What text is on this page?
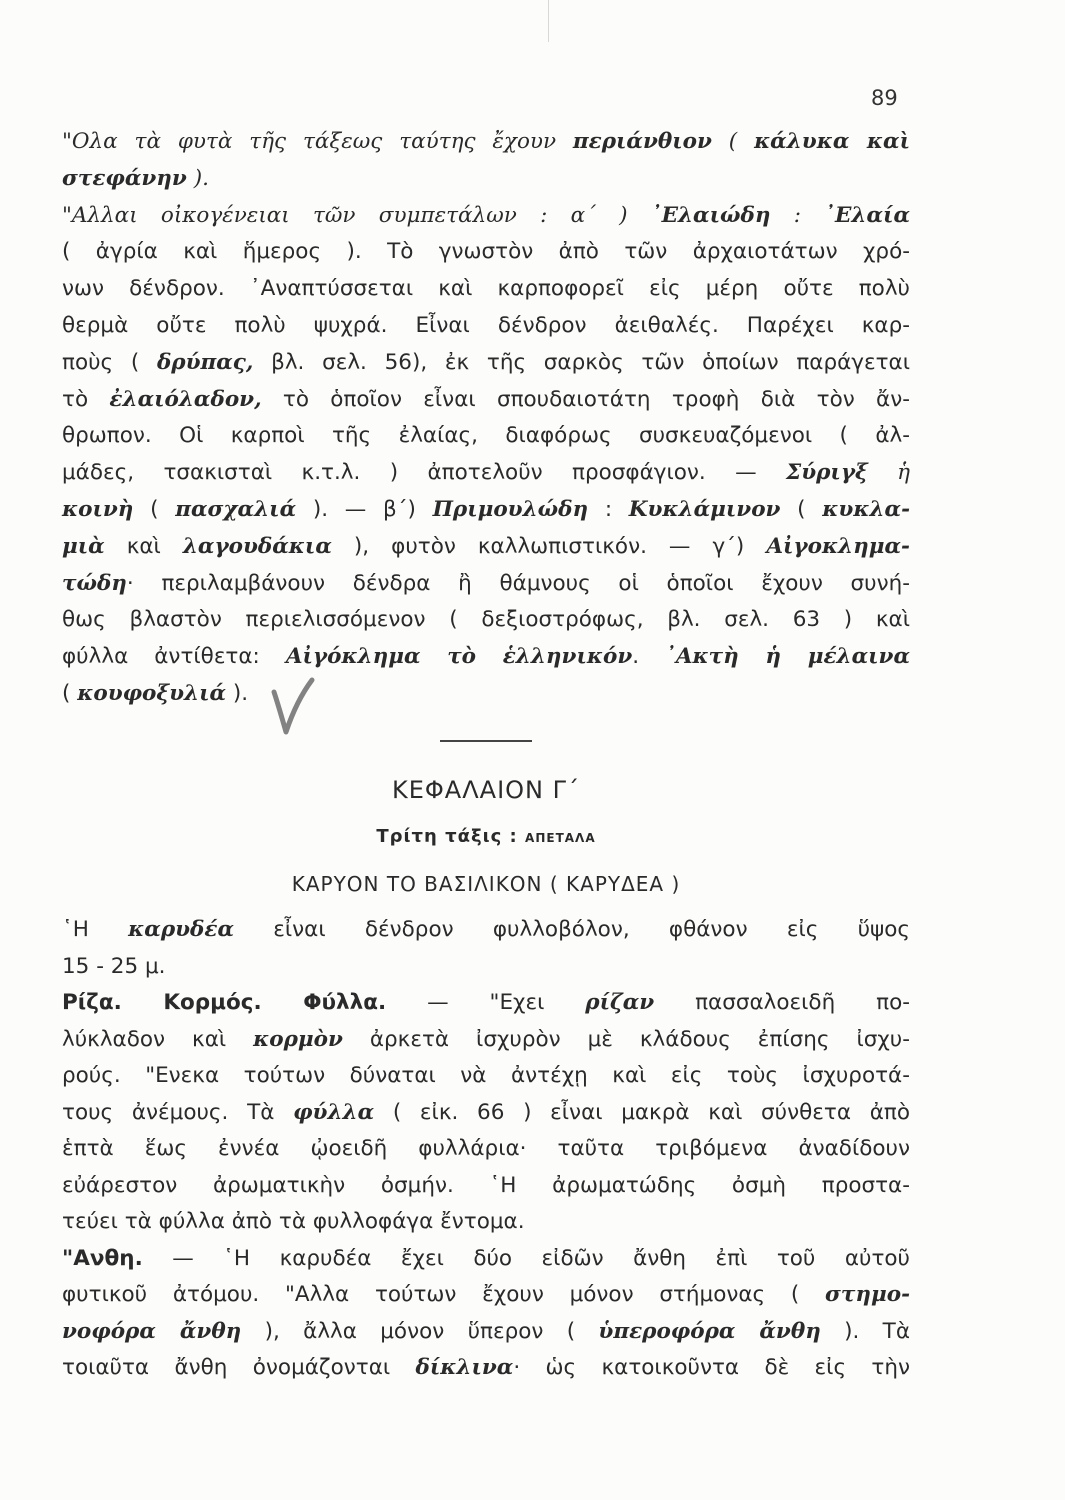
89
"Ολα τὰ φυτὰ τῆς τάξεως ταύτης ἔχουν περιάνθιον ( κάλυκα καὶ
στεφάνην ).
"Αλλαι οἰκογένειαι τῶν συμπετάλων : α΄ ) ᾿Ελαιώδη : ᾿Ελαία
( ἀγρία καὶ ἥμερος ). Τὸ γνωστὸν ἀπὸ τῶν ἀρχαιοτάτων χρό-
νων δένδρον. ᾿Αναπτύσσεται καὶ καρποφορεῖ εἰς μέρη οὔτε πολὺ
θερμὰ οὔτε πολὺ ψυχρά. Εἶναι δένδρον ἀειθαλές. Παρέχει καρ-
ποὺς ( δρύπας, βλ. σελ. 56), ἐκ τῆς σαρκὸς τῶν ὁποίων παράγεται
τὸ ἐλαιόλαδον, τὸ ὁποῖον εἶναι σπουδαιοτάτη τροφὴ διὰ τὸν ἄν-
θρωπον. Οἱ καρποὶ τῆς ἐλαίας, διαφόρως συσκευαζόμενοι ( ἀλ-
μάδες, τσακισταὶ κ.τ.λ. ) ἀποτελοῦν προσφάγιον. — Σύριγξ ἡ
κοινὴ ( πασχαλιά ). — β΄) Πριμουλώδη : Κυκλάμινον ( κυκλα-
μιὰ καὶ λαγουδάκια ), φυτὸν καλλωπιστικόν. — γ΄) Αἰγοκλημα-
τώδη· περιλαμβάνουν δένδρα ἢ θάμνους οἱ ὁποῖοι ἔχουν συνή-
θως βλαστὸν περιελισσόμενον ( δεξιοστρόφως, βλ. σελ. 63 ) καὶ
φύλλα ἀντίθετα: Αἰγόκλημα τὸ ἑλληνικόν. ᾿Ακτὴ ἡ μέλαινα
( κουφοξυλιά ).
ΚΕΦΑΛΑΙΟΝ Γ΄
Τρίτη τάξις : ΑΠΕΤΑΛΑ
ΚΑΡΥΟΝ ΤΟ ΒΑΣΙΛΙΚΟΝ ( ΚΑΡΥΔΕΑ )
῾Η καρυδέα εἶναι δένδρον φυλλοβόλον, φθάνον εἰς ὕψος
15 - 25 μ.
Ρίζα. Κορμός. Φύλλα. — "Εχει ρίζαν πασσαλοειδῆ πο-
λύκλαδον καὶ κορμὸν ἀρκετὰ ἰσχυρὸν μὲ κλάδους ἐπίσης ἰσχυ-
ρούς. "Ενεκα τούτων δύναται νὰ ἀντέχῃ καὶ εἰς τοὺς ἰσχυροτά-
τους ἀνέμους. Τὰ φύλλα ( εἰκ. 66 ) εἶναι μακρὰ καὶ σύνθετα ἀπὸ
ἑπτὰ ἕως ἐννέα ᾠοειδῆ φυλλάρια· ταῦτα τριβόμενα ἀναδίδουν
εὐάρεστον ἀρωματικὴν ὀσμήν. ῾Η ἀρωματώδης ὀσμὴ προστα-
τεύει τὰ φύλλα ἀπὸ τὰ φυλλοφάγα ἔντομα.
"Ανθη. — ῾Η καρυδέα ἔχει δύο εἰδῶν ἄνθη ἐπὶ τοῦ αὐτοῦ
φυτικοῦ ἀτόμου. "Αλλα τούτων ἔχουν μόνον στήμονας ( στημο-
νοφόρα ἄνθη ), ἄλλα μόνον ὕπερον ( ὑπεροφόρα ἄνθη ). Τὰ
τοιαῦτα ἄνθη ὀνομάζονται δίκλινα· ὡς κατοικοῦντα δὲ εἰς τὴν
